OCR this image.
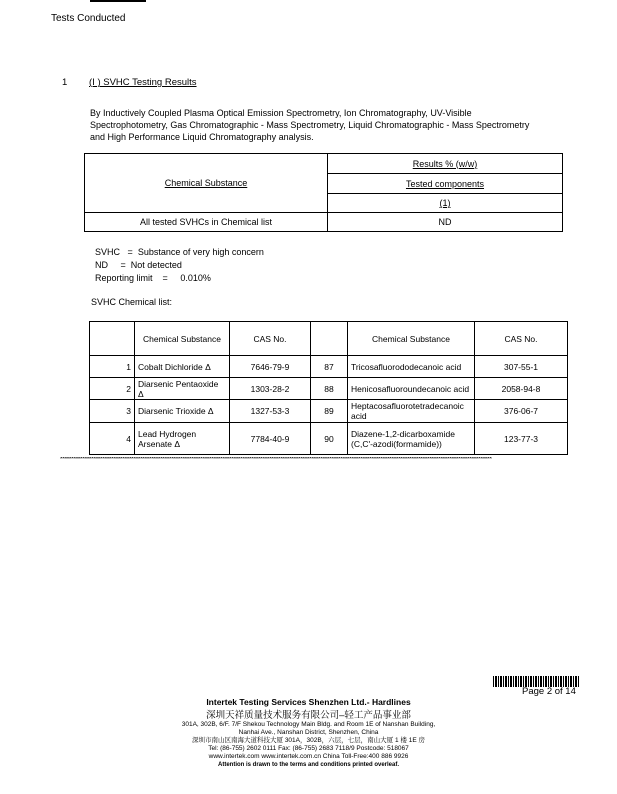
Tests Conducted
1 (I ) SVHC Testing Results
By Inductively Coupled Plasma Optical Emission Spectrometry, Ion Chromatography, UV-Visible Spectrophotometry, Gas Chromatographic - Mass Spectrometry, Liquid Chromatographic - Mass Spectrometry and High Performance Liquid Chromatography analysis.
Chemical Substance	Results % (w/w)
	Tested components
	(1)
All tested SVHCs in Chemical list	ND
SVHC = Substance of very high concern
ND = Not detected
Reporting limit = 0.010%
SVHC Chemical list:
	Chemical Substance	CAS No.		Chemical Substance	CAS No.
1	Cobalt Dichloride Δ	7646-79-9	87	Tricosafluorododecanoic acid	307-55-1
2	Diarsenic Pentaoxide Δ	1303-28-2	88	Henicosafluoroundecanoic acid	2058-94-8
3	Diarsenic Trioxide Δ	1327-53-3	89	Heptacosafluorotetradecanoic acid	376-06-7
4	Lead Hydrogen Arsenate Δ	7784-40-9	90	Diazene-1,2-dicarboxamide (C,C'-azodi(formamide))	123-77-3
**************************************************************************************************************************************************************************************************
Page 2 of 14
Intertek Testing Services Shenzhen Ltd.- Hardlines
深圳天祥质量技术服务有限公司–轻工产品事业部
301A, 302B, 6/F. 7/F Shekou Technology Main Bldg. and Room 1E of Nanshan Building,
Nanhai Ave., Nanshan District, Shenzhen, China
深圳市南山区南海大道科技大厦 301A，302B，六层，七层，南山大厦 1 楼 1E 房
Tel: (86-755) 2602 0111 Fax: (86-755) 2683 7118/9 Postcode: 518067
www.intertek.com www.intertek.com.cn China Toll-Free:400 886 9926
Attention is drawn to the terms and conditions printed overleaf.
